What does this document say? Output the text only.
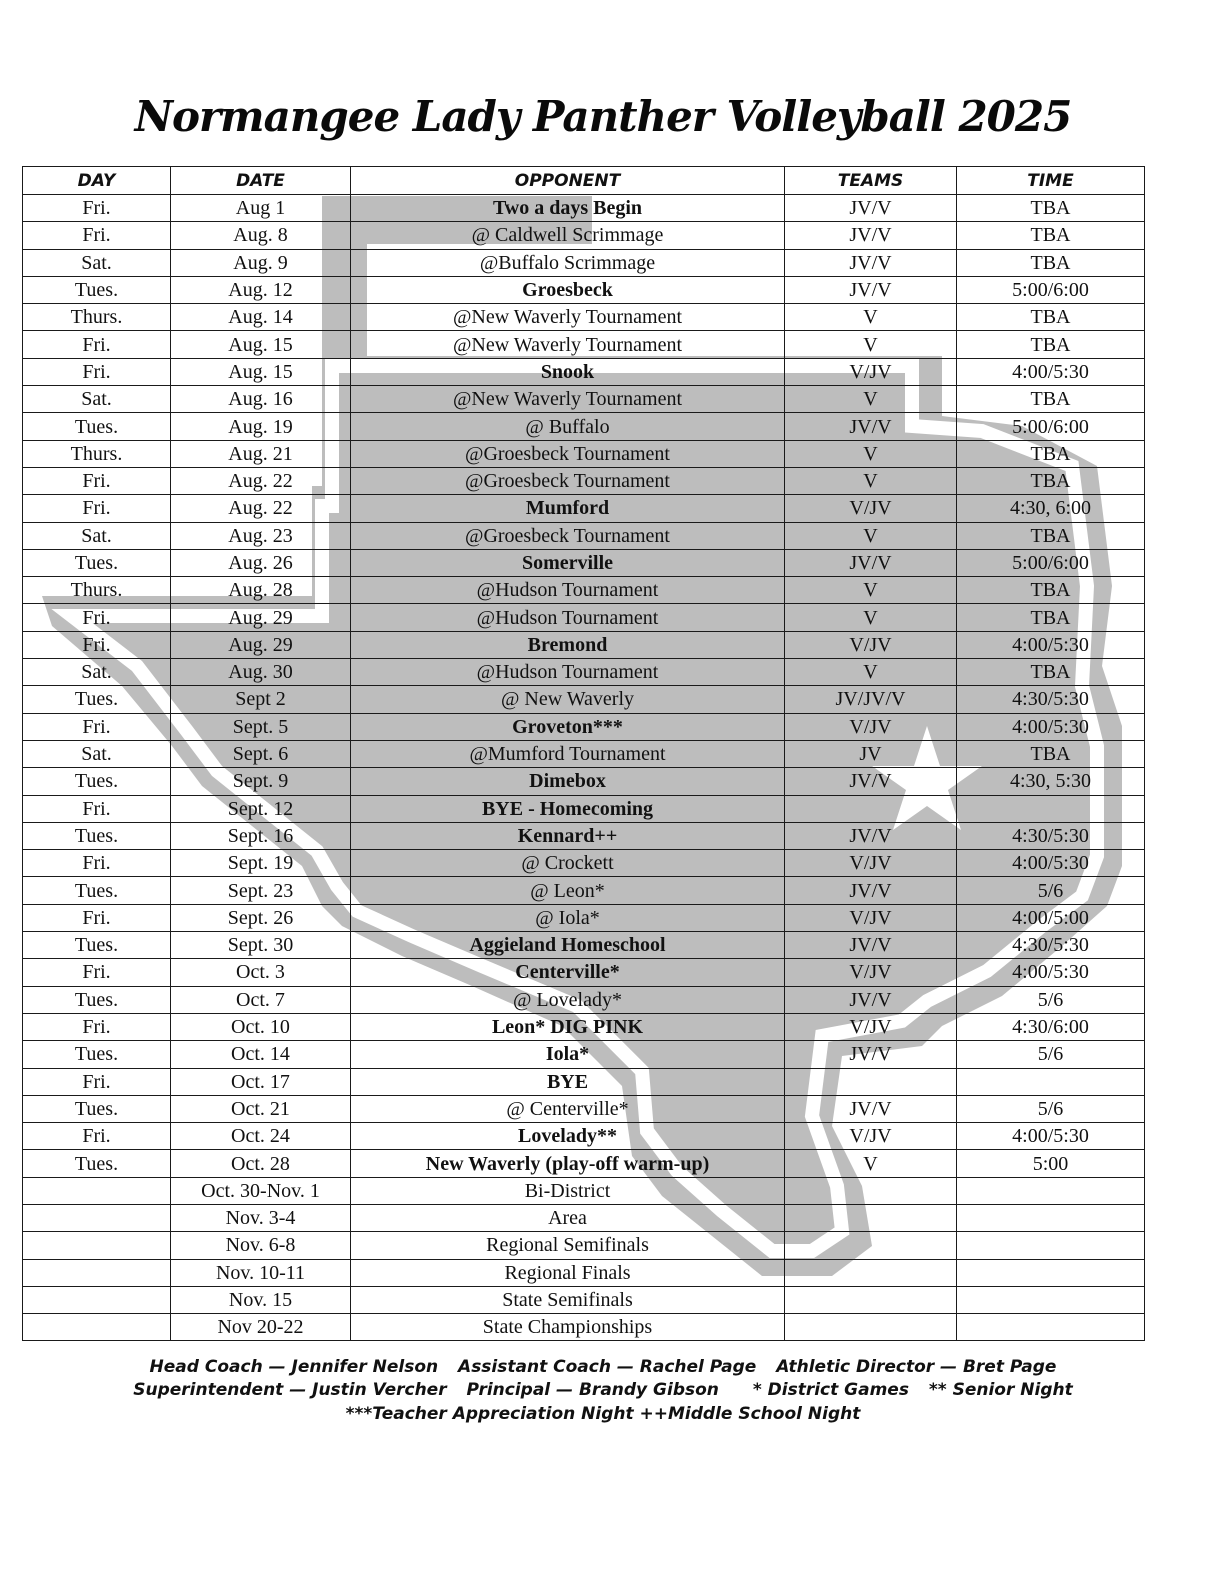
Normangee Lady Panther Volleyball 2025
DAY	DATE	OPPONENT	TEAMS	TIME
Fri.	Aug 1	Two a days Begin	JV/V	TBA
Fri.	Aug. 8	@ Caldwell Scrimmage	JV/V	TBA
Sat.	Aug. 9	@Buffalo Scrimmage	JV/V	TBA
Tues.	Aug. 12	Groesbeck	JV/V	5:00/6:00
Thurs.	Aug. 14	@New Waverly Tournament	V	TBA
Fri.	Aug. 15	@New Waverly Tournament	V	TBA
Fri.	Aug. 15	Snook	V/JV	4:00/5:30
Sat.	Aug. 16	@New Waverly Tournament	V	TBA
Tues.	Aug. 19	@ Buffalo	JV/V	5:00/6:00
Thurs.	Aug. 21	@Groesbeck Tournament	V	TBA
Fri.	Aug. 22	@Groesbeck Tournament	V	TBA
Fri.	Aug. 22	Mumford	V/JV	4:30, 6:00
Sat.	Aug. 23	@Groesbeck Tournament	V	TBA
Tues.	Aug. 26	Somerville	JV/V	5:00/6:00
Thurs.	Aug. 28	@Hudson Tournament	V	TBA
Fri.	Aug. 29	@Hudson Tournament	V	TBA
Fri.	Aug. 29	Bremond	V/JV	4:00/5:30
Sat.	Aug. 30	@Hudson Tournament	V	TBA
Tues.	Sept 2	@ New Waverly	JV/JV/V	4:30/5:30
Fri.	Sept. 5	Groveton***	V/JV	4:00/5:30
Sat.	Sept. 6	@Mumford Tournament	JV	TBA
Tues.	Sept. 9	Dimebox	JV/V	4:30, 5:30
Fri.	Sept. 12	BYE - Homecoming		
Tues.	Sept. 16	Kennard++	JV/V	4:30/5:30
Fri.	Sept. 19	@ Crockett	V/JV	4:00/5:30
Tues.	Sept. 23	@ Leon*	JV/V	5/6
Fri.	Sept. 26	@ Iola*	V/JV	4:00/5:00
Tues.	Sept. 30	Aggieland Homeschool	JV/V	4:30/5:30
Fri.	Oct. 3	Centerville*	V/JV	4:00/5:30
Tues.	Oct. 7	@ Lovelady*	JV/V	5/6
Fri.	Oct. 10	Leon* DIG PINK	V/JV	4:30/6:00
Tues.	Oct. 14	Iola*	JV/V	5/6
Fri.	Oct. 17	BYE		
Tues.	Oct. 21	@ Centerville*	JV/V	5/6
Fri.	Oct. 24	Lovelady**	V/JV	4:00/5:30
Tues.	Oct. 28	New Waverly (play-off warm-up)	V	5:00
	Oct. 30-Nov. 1	Bi-District		
	Nov. 3-4	Area		
	Nov. 6-8	Regional Semifinals		
	Nov. 10-11	Regional Finals		
	Nov. 15	State Semifinals		
	Nov 20-22	State Championships		
Head Coach — Jennifer Nelson Assistant Coach — Rachel Page Athletic Director — Bret Page
Superintendent — Justin Vercher Principal — Brandy Gibson * District Games ** Senior Night
***Teacher Appreciation Night ++Middle School Night
